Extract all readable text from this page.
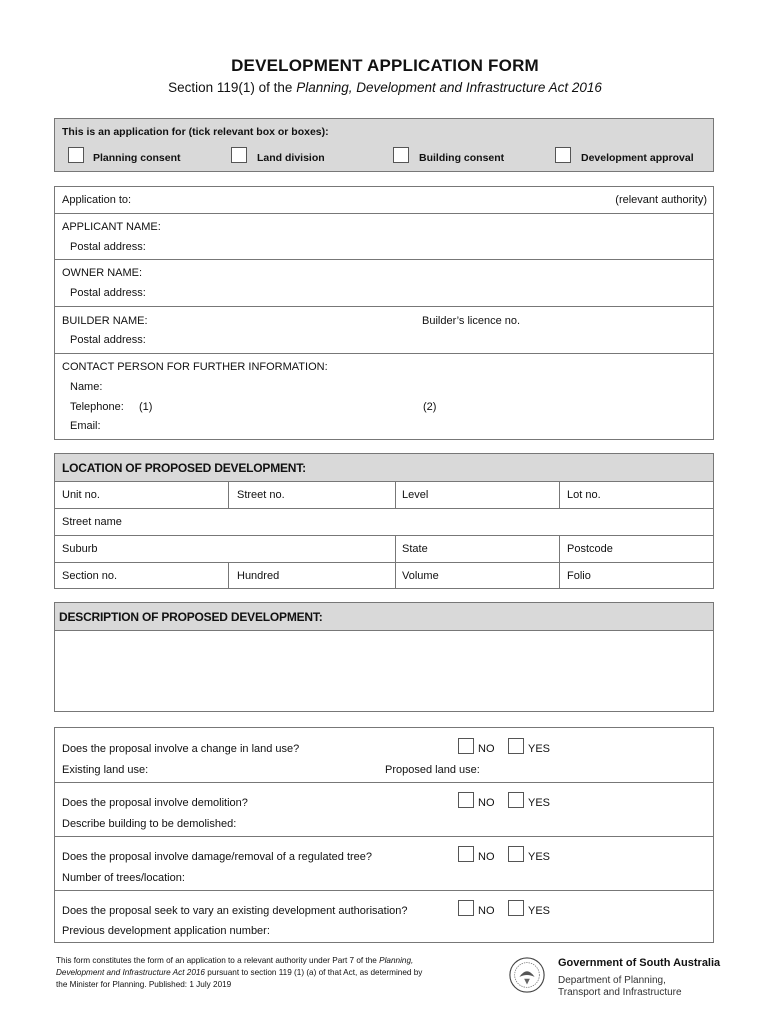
DEVELOPMENT APPLICATION FORM
Section 119(1) of the Planning, Development and Infrastructure Act 2016
This is an application for (tick relevant box or boxes):
Planning consent	Land division	Building consent	Development approval
Application to:	(relevant authority)
APPLICANT NAME:
Postal address:
OWNER NAME:
Postal address:
BUILDER NAME:	Builder’s licence no.
Postal address:
CONTACT PERSON FOR FURTHER INFORMATION:
Name:
Telephone: (1)	(2)
Email:
LOCATION OF PROPOSED DEVELOPMENT:
Unit no.	Street no.	Level	Lot no.
Street name
Suburb	State	Postcode
Section no.	Hundred	Volume	Folio
DESCRIPTION OF PROPOSED DEVELOPMENT:
Does the proposal involve a change in land use?	NO	YES
Existing land use:	Proposed land use:
Does the proposal involve demolition?	NO	YES
Describe building to be demolished:
Does the proposal involve damage/removal of a regulated tree?	NO	YES
Number of trees/location:
Does the proposal seek to vary an existing development authorisation?	NO	YES
Previous development application number:
This form constitutes the form of an application to a relevant authority under Part 7 of the Planning,
Development and Infrastructure Act 2016 pursuant to section 119 (1) (a) of that Act, as determined by
the Minister for Planning. Published: 1 July 2019
Government of South Australia
Department of Planning,
Transport and Infrastructure
